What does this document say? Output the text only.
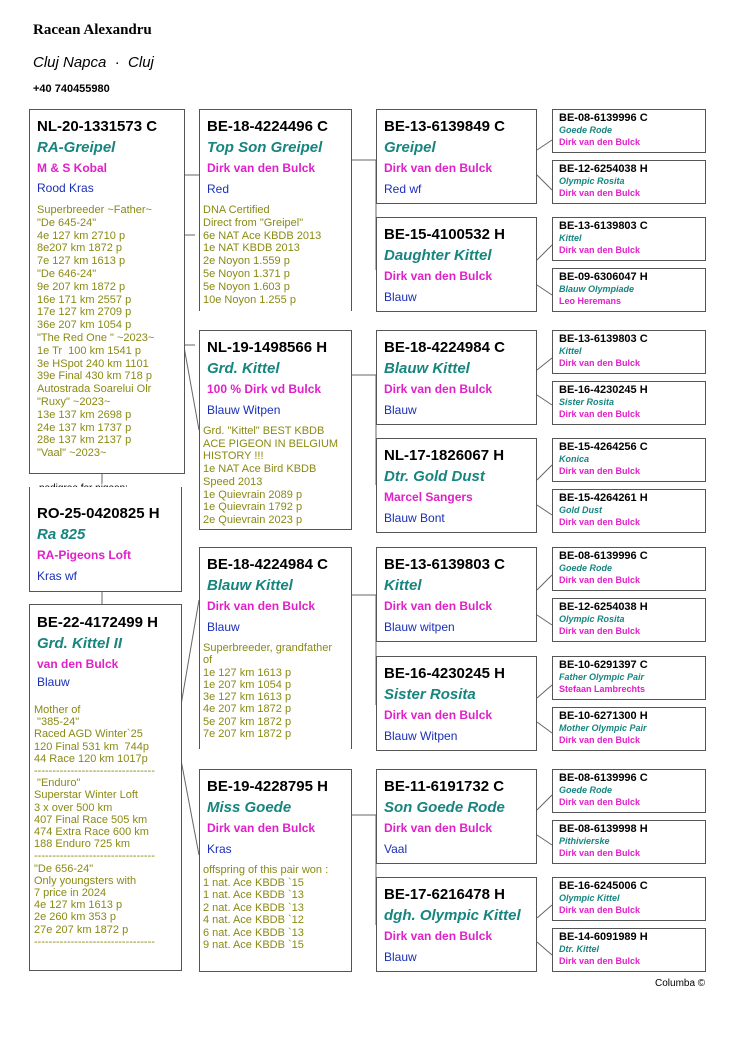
Racean Alexandru
Cluj Napca  ·  Cluj
+40 740455980
NL-20-1331573 C
RA-Greipel
M & S Kobal
Rood Kras
Superbreeder ~Father~
"De 645-24"
4e 127 km 2710 p
8e207 km 1872 p
7e 127 km 1613 p
"De 646-24"
9e 207 km 1872 p
16e 171 km 2557 p
17e 127 km 2709 p
36e 207 km 1054 p
"The Red One " ~2023~
1e Tr  100 km 1541 p
3e HSpot 240 km 1101
39e Final 430 km 718 p
Autostrada Soarelui Olr
"Ruxy" ~2023~
13e 137 km 2698 p
24e 137 km 1737 p
28e 137 km 2137 p
"Vaal" ~2023~
RO-25-0420825 H
Ra 825
RA-Pigeons Loft
Kras wf
BE-22-4172499 H
Grd. Kittel II
van den Bulck
Blauw
Mother of
"385-24"
Raced AGD Winter`25
120 Final 531 km  744p
44 Race 120 km 1017p
---------------------------------
"Enduro"
Superstar Winter Loft
3 x over 500 km
407 Final Race 505 km
474 Extra Race 600 km
188 Enduro 725 km
---------------------------------
"De 656-24"
Only youngsters with
7 price in 2024
4e 127 km 1613 p
2e 260 km 353 p
27e 207 km 1872 p
---------------------------------
BE-18-4224496 C
Top Son Greipel
Dirk van den Bulck
Red
DNA Certified
Direct from "Greipel"
6e NAT Ace KBDB 2013
1e NAT KBDB 2013
2e Noyon 1.559 p
5e Noyon 1.371 p
5e Noyon 1.603 p
10e Noyon 1.255 p
NL-19-1498566 H
Grd. Kittel
100 % Dirk vd Bulck
Blauw Witpen
Grd. "Kittel" BEST KBDB
ACE PIGEON IN BELGIUM
HISTORY !!!
1e NAT Ace Bird KBDB
Speed 2013
1e Quievrain 2089 p
1e Quievrain 1792 p
2e Quievrain 2023 p
BE-18-4224984 C
Blauw Kittel
Dirk van den Bulck
Blauw
Superbreeder, grandfather
of
1e 127 km 1613 p
1e 207 km 1054 p
3e 127 km 1613 p
4e 207 km 1872 p
5e 207 km 1872 p
7e 207 km 1872 p
BE-19-4228795 H
Miss Goede
Dirk van den Bulck
Kras
offspring of this pair won :
1 nat. Ace KBDB `15
1 nat. Ace KBDB `13
2 nat. Ace KBDB `13
4 nat. Ace KBDB `12
6 nat. Ace KBDB `13
9 nat. Ace KBDB `15
BE-13-6139849 C
Greipel
Dirk van den Bulck
Red wf
BE-15-4100532 H
Daughter Kittel
Dirk van den Bulck
Blauw
BE-18-4224984 C
Blauw Kittel
Dirk van den Bulck
Blauw
NL-17-1826067 H
Dtr. Gold Dust
Marcel Sangers
Blauw Bont
BE-13-6139803 C
Kittel
Dirk van den Bulck
Blauw witpen
BE-16-4230245 H
Sister Rosita
Dirk van den Bulck
Blauw Witpen
BE-11-6191732 C
Son Goede Rode
Dirk van den Bulck
Vaal
BE-17-6216478 H
dgh. Olympic Kittel
Dirk van den Bulck
Blauw
BE-08-6139996 C
Goede Rode
Dirk van den Bulck
BE-12-6254038 H
Olympic Rosita
Dirk van den Bulck
BE-13-6139803 C
Kittel
Dirk van den Bulck
BE-09-6306047 H
Blauw Olympiade
Leo Heremans
BE-13-6139803 C
Kittel
Dirk van den Bulck
BE-16-4230245 H
Sister Rosita
Dirk van den Bulck
BE-15-4264256 C
Konica
Dirk van den Bulck
BE-15-4264261 H
Gold Dust
Dirk van den Bulck
BE-08-6139996 C
Goede Rode
Dirk van den Bulck
BE-12-6254038 H
Olympic Rosita
Dirk van den Bulck
BE-10-6291397 C
Father Olympic Pair
Stefaan Lambrechts
BE-10-6271300 H
Mother Olympic Pair
Dirk van den Bulck
BE-08-6139996 C
Goede Rode
Dirk van den Bulck
BE-08-6139998 H
Pithivierske
Dirk van den Bulck
BE-16-6245006 C
Olympic Kittel
Dirk van den Bulck
BE-14-6091989 H
Dtr. Kittel
Dirk van den Bulck
Columba ©
